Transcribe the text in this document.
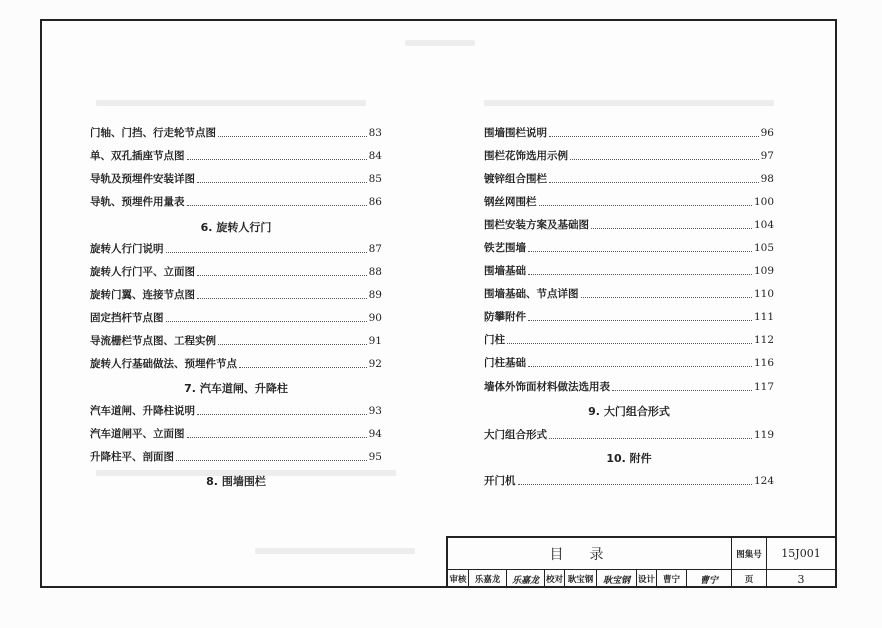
门轴、门挡、行走轮节点图	83
单、双孔插座节点图	84
导轨及预埋件安装详图	85
导轨、预埋件用量表	86
6. 旋转人行门
旋转人行门说明	87
旋转人行门平、立面图	88
旋转门翼、连接节点图	89
固定挡杆节点图	90
导流栅栏节点图、工程实例	91
旋转人行基础做法、预埋件节点	92
7. 汽车道闸、升降柱
汽车道闸、升降柱说明	93
汽车道闸平、立面图	94
升降柱平、剖面图	95
8. 围墙围栏
围墙围栏说明	96
围栏花饰选用示例	97
镀锌组合围栏	98
钢丝网围栏	100
围栏安装方案及基础图	104
铁艺围墙	105
围墙基础	109
围墙基础、节点详图	110
防攀附件	111
门柱	112
门柱基础	116
墙体外饰面材料做法选用表	117
9. 大门组合形式
大门组合形式	119
10. 附件
开门机	124
目录	图集号	15J001
审核 乐嘉龙	乐嘉龙 校对 耿宝钢	耿宝钢 设计 曹宁	曹宁	页	3
